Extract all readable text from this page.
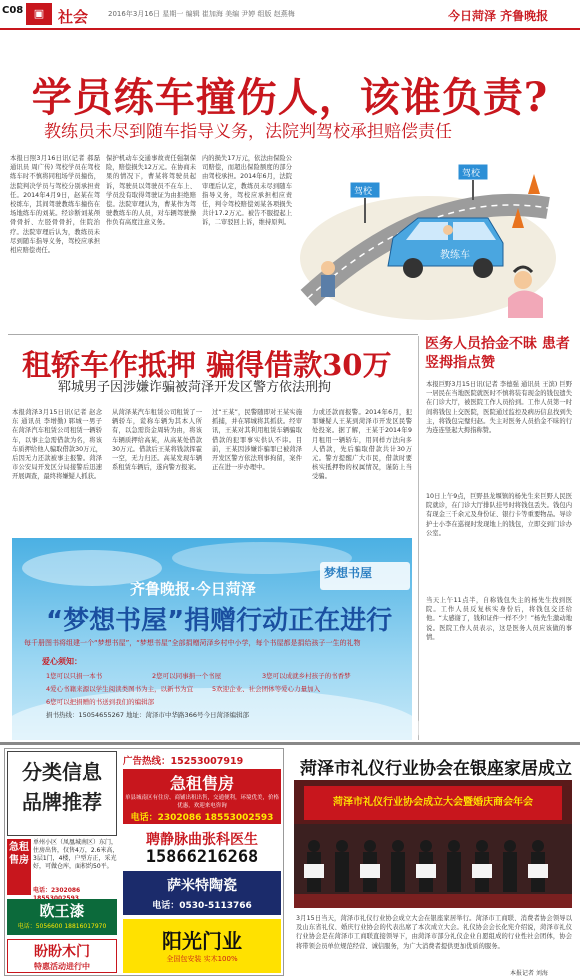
C08 ▣ 社会	2016年3月16日 星期一 编辑 崔加海 美编 尹婷 组版 赵燕梅	今日菏泽 齐鲁晚报
学员练车撞伤人，该谁负责?
教练员未尽到随车指导义务，法院判驾校承担赔偿责任
本报日照3月16日讯(记者 郝磊 通讯员 周广传) 驾校学员在驾校练车时不慎将同租场学员撞伤，法院判决学员与驾校分别承担责任。2014年4月9日，赵某在驾校练车，其间驾驶教练车撞伤在场地练车的刘某。经诊断刘某颅骨骨折、左胫骨骨折，住院治疗。法院审理后认为，教练员未尽到随车指导义务，驾校应承担相应赔偿责任。
保护机动车交通事故责任强制保险，赔偿损失12万元。在协商未果的情况下，曹某将驾驶员起诉，驾驶员以驾驶员不在车上、学员没有取得驾驶证为由拒绝赔偿。法院审理认为，曹某作为驾驶教练车的人员，对车辆驾驶操作负有高度注意义务。
内的损失17万元，依法由保险公司赔偿，而超出保险额度的部分由驾校承担。2014年6月，法院审理后认定，教练员未尽到随车指导义务，驾校应承担相应责任，判令驾校赔偿刘某各项损失共计17.2万元。被告不服提起上诉，二审驳回上诉，维持原判。
驾校
驾校
教练车
租轿车作抵押 骗得借款30万
郓城男子因涉嫌诈骗被菏泽开发区警方依法刑拘
本报菏泽3月15日讯(记者 赵念东 通讯员 李增勤) 郓城一男子在菏泽汽车租赁公司租赁一辆轿车，以事主急需借款为名，将该车质押给他人骗取借款30万元，后因无力还款被事主报警。菏泽市公安局开发区分局接警后迅速开展调查，最终将嫌疑人抓获。
从菏泽某汽车租赁公司租赁了一辆轿车，谎称车辆为其本人所有，以急需资金周转为由，将该车辆质押给高某，从高某处借款30万元。借款后王某将钱款挥霍一空，无力归还。高某发现车辆系租赁车辆后，遂向警方报案。
过“王某”，民警随即对王某实施抓捕，并在郓城将其抓获。经审讯，王某对其利用租赁车辆骗取借款的犯罪事实供认不讳。目前，王某因涉嫌诈骗罪已被菏泽开发区警方依法刑事拘留，案件正在进一步办理中。
力或还款而报警。2014年6月，犯罪嫌疑人王某到菏泽市开发区民警处投案。据了解，王某于2014年9月租用一辆轿车，用同样方法向多人借款，先后骗取借款共计30万元。警方提醒广大市民，借款时要核实抵押物的权属情况，谨防上当受骗。
医务人员拾金不昧 患者竖拇指点赞
本报巨野3月15日讯(记者 李德强 通讯员 王滨) 巨野一居民在当地医院就医时不慎将装有现金的钱包遗失在门诊大厅，被医院工作人员拾到。工作人员第一时间将钱包上交医院，医院通过监控及病历信息找到失主，将钱包完璧归赵。失主对医务人员拾金不昧的行为连连竖起大拇指称赞。
10日上午9点，巨野县龙堰镇的杨先生来巨野人民医院就诊，在门诊大厅排队挂号时将钱包丢失。钱包内有现金三千余元及身份证、银行卡等重要物品。导诊护士小李在巡视时发现地上的钱包，立即交到门诊办公室。
当天上午11点半，自称钱包失主的杨先生找到医院。工作人员反复核实身份后，将钱包交还给他。“太感谢了，钱和证件一样不少！”杨先生激动地说。医院工作人员表示，这是医务人员应该做的事情。
梦想书屋
齐鲁晚报·今日菏泽
“梦想书屋”捐赠行动正在进行
每千册图书将组建一个“梦想书屋”，“梦想书屋”全部捐赠菏泽乡村中小学，每个书屋都是捐给孩子一生的礼物
爱心须知：
1您可以只捐一本书	2您可以同事捐一个书屋	3您可以成就乡村孩子的书香梦
4爱心书籍来源以学生阅读类图书为主，以新书为宜	5欢迎企业、社会团体等爱心力量加入
6您可以把捐赠的书送到我们的编辑部
捐书热线：15054655267 地址：菏泽市中华路366号今日菏泽编辑部
分类信息 品牌推荐
广告热线：15253007919
急租售房
单县城南区有住房、商铺出租出售，交通便利，环境优美，价格优惠，欢迎来电咨询
电话：2302086 18553002593
急租售房
单州小区（凤凰城南区）东门，住房出售，仅售4万，2.6米高，3层1门，4楼，户型方正，采光好，可做仓库，面积约50平。
电话：2302086
聘静脉曲张科医生
15866216268
欧王漆
电话：5056600 18816017970
萨米特陶瓷
电话：0530-5113766
盼盼木门
特惠活动进行中
阳光门业
全国包安装 实木100%
菏泽市礼仪行业协会在银座家居成立
菏泽市礼仪行业协会成立大会暨婚庆商会年会
3月15日当天，菏泽市礼仪行业协会成立大会在银座家居举行。菏泽市工商联、消费者协会领导以及山东省礼仪、婚庆行业协会的代表出席了本次成立大会。礼仪协会会长化宪介绍说，菏泽市礼仪行业协会是在菏泽市工商联直接领导下，由菏泽市部分礼仪企业自愿组成的行业性社会团体，协会将带领会员单位规范经营、诚信服务，为广大消费者提供更加优质的服务。
本报记者 刘海
